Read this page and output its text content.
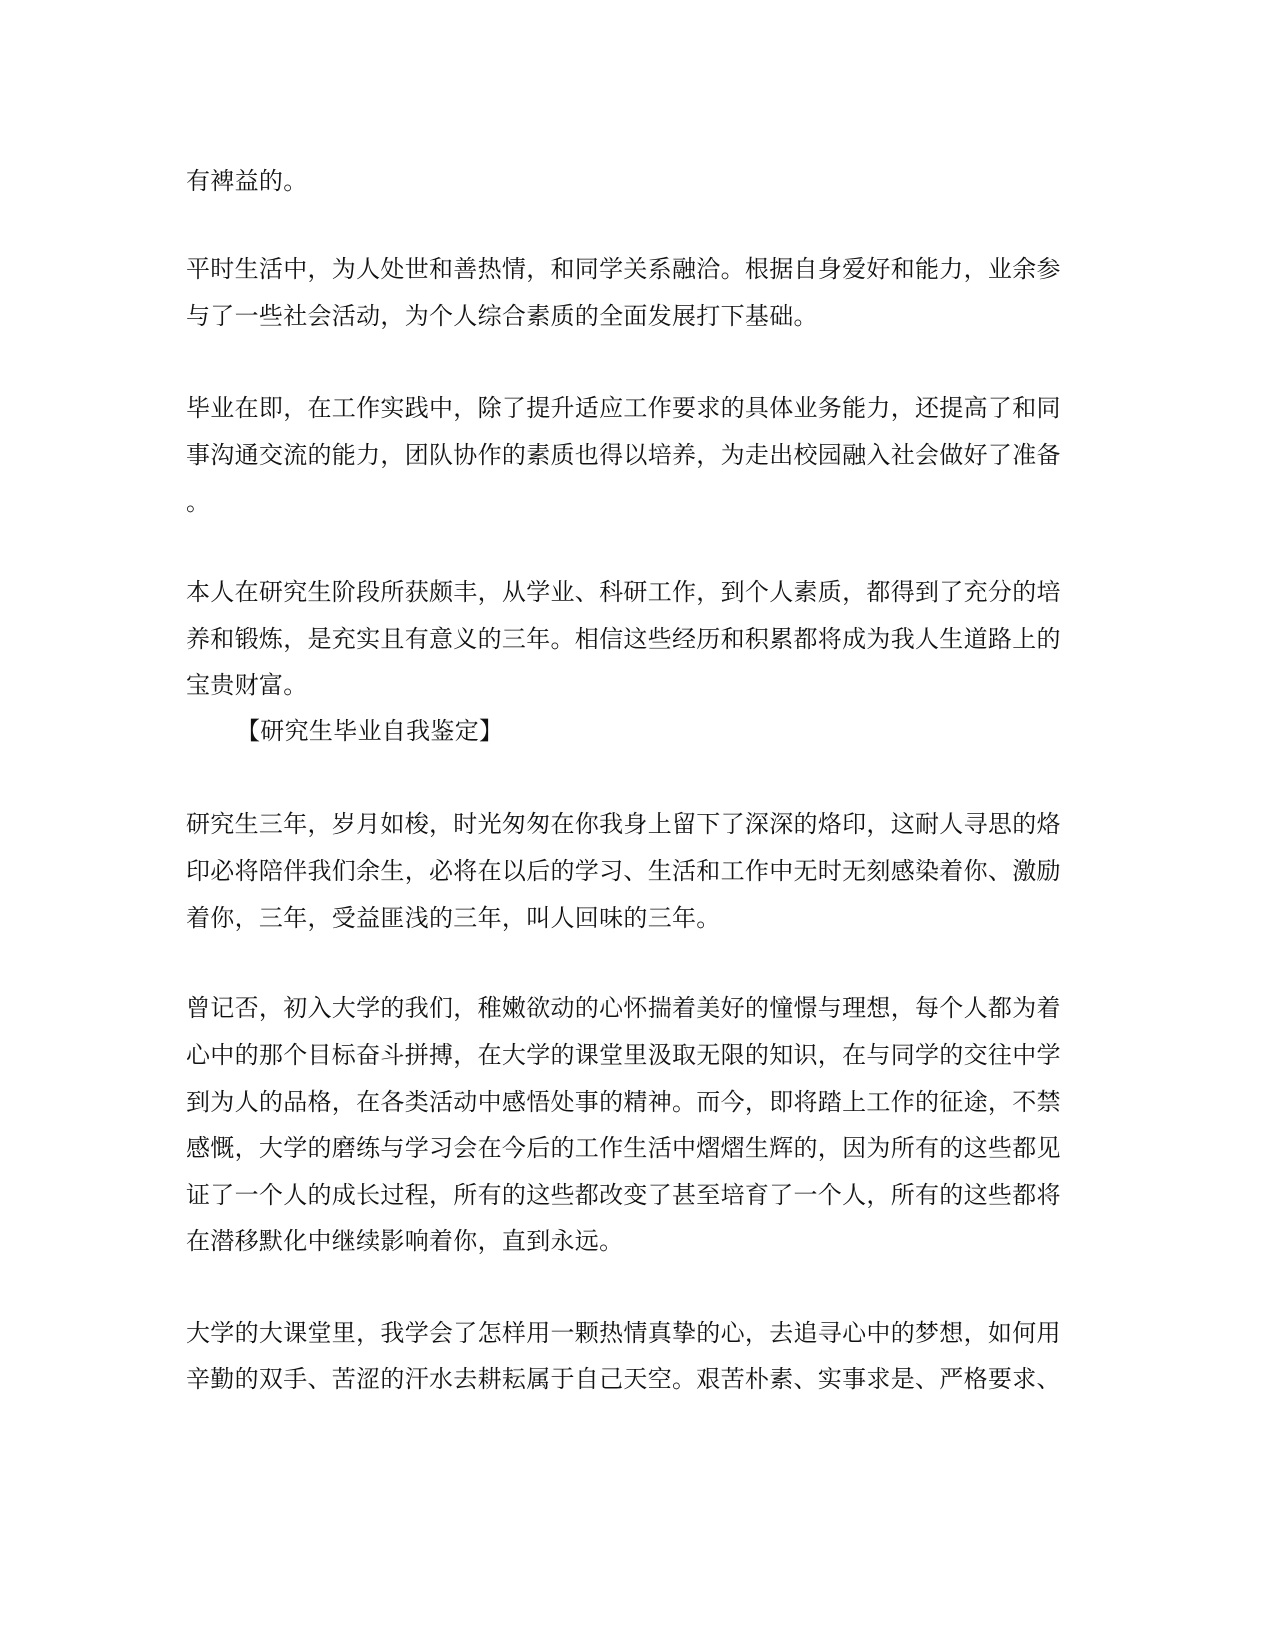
有裨益的。
平时生活中，为人处世和善热情，和同学关系融洽。根据自身爱好和能力，业余参
与了一些社会活动，为个人综合素质的全面发展打下基础。
毕业在即，在工作实践中，除了提升适应工作要求的具体业务能力，还提高了和同
事沟通交流的能力，团队协作的素质也得以培养，为走出校园融入社会做好了准备
。
本人在研究生阶段所获颇丰，从学业、科研工作，到个人素质，都得到了充分的培
养和锻炼，是充实且有意义的三年。相信这些经历和积累都将成为我人生道路上的
宝贵财富。
【研究生毕业自我鉴定】
研究生三年，岁月如梭，时光匆匆在你我身上留下了深深的烙印，这耐人寻思的烙
印必将陪伴我们余生，必将在以后的学习、生活和工作中无时无刻感染着你、激励
着你，三年，受益匪浅的三年，叫人回味的三年。
曾记否，初入大学的我们，稚嫩欲动的心怀揣着美好的憧憬与理想，每个人都为着
心中的那个目标奋斗拼搏，在大学的课堂里汲取无限的知识，在与同学的交往中学
到为人的品格，在各类活动中感悟处事的精神。而今，即将踏上工作的征途，不禁
感慨，大学的磨练与学习会在今后的工作生活中熠熠生辉的，因为所有的这些都见
证了一个人的成长过程，所有的这些都改变了甚至培育了一个人，所有的这些都将
在潜移默化中继续影响着你，直到永远。
大学的大课堂里，我学会了怎样用一颗热情真挚的心，去追寻心中的梦想，如何用
辛勤的双手、苦涩的汗水去耕耘属于自己天空。艰苦朴素、实事求是、严格要求、
